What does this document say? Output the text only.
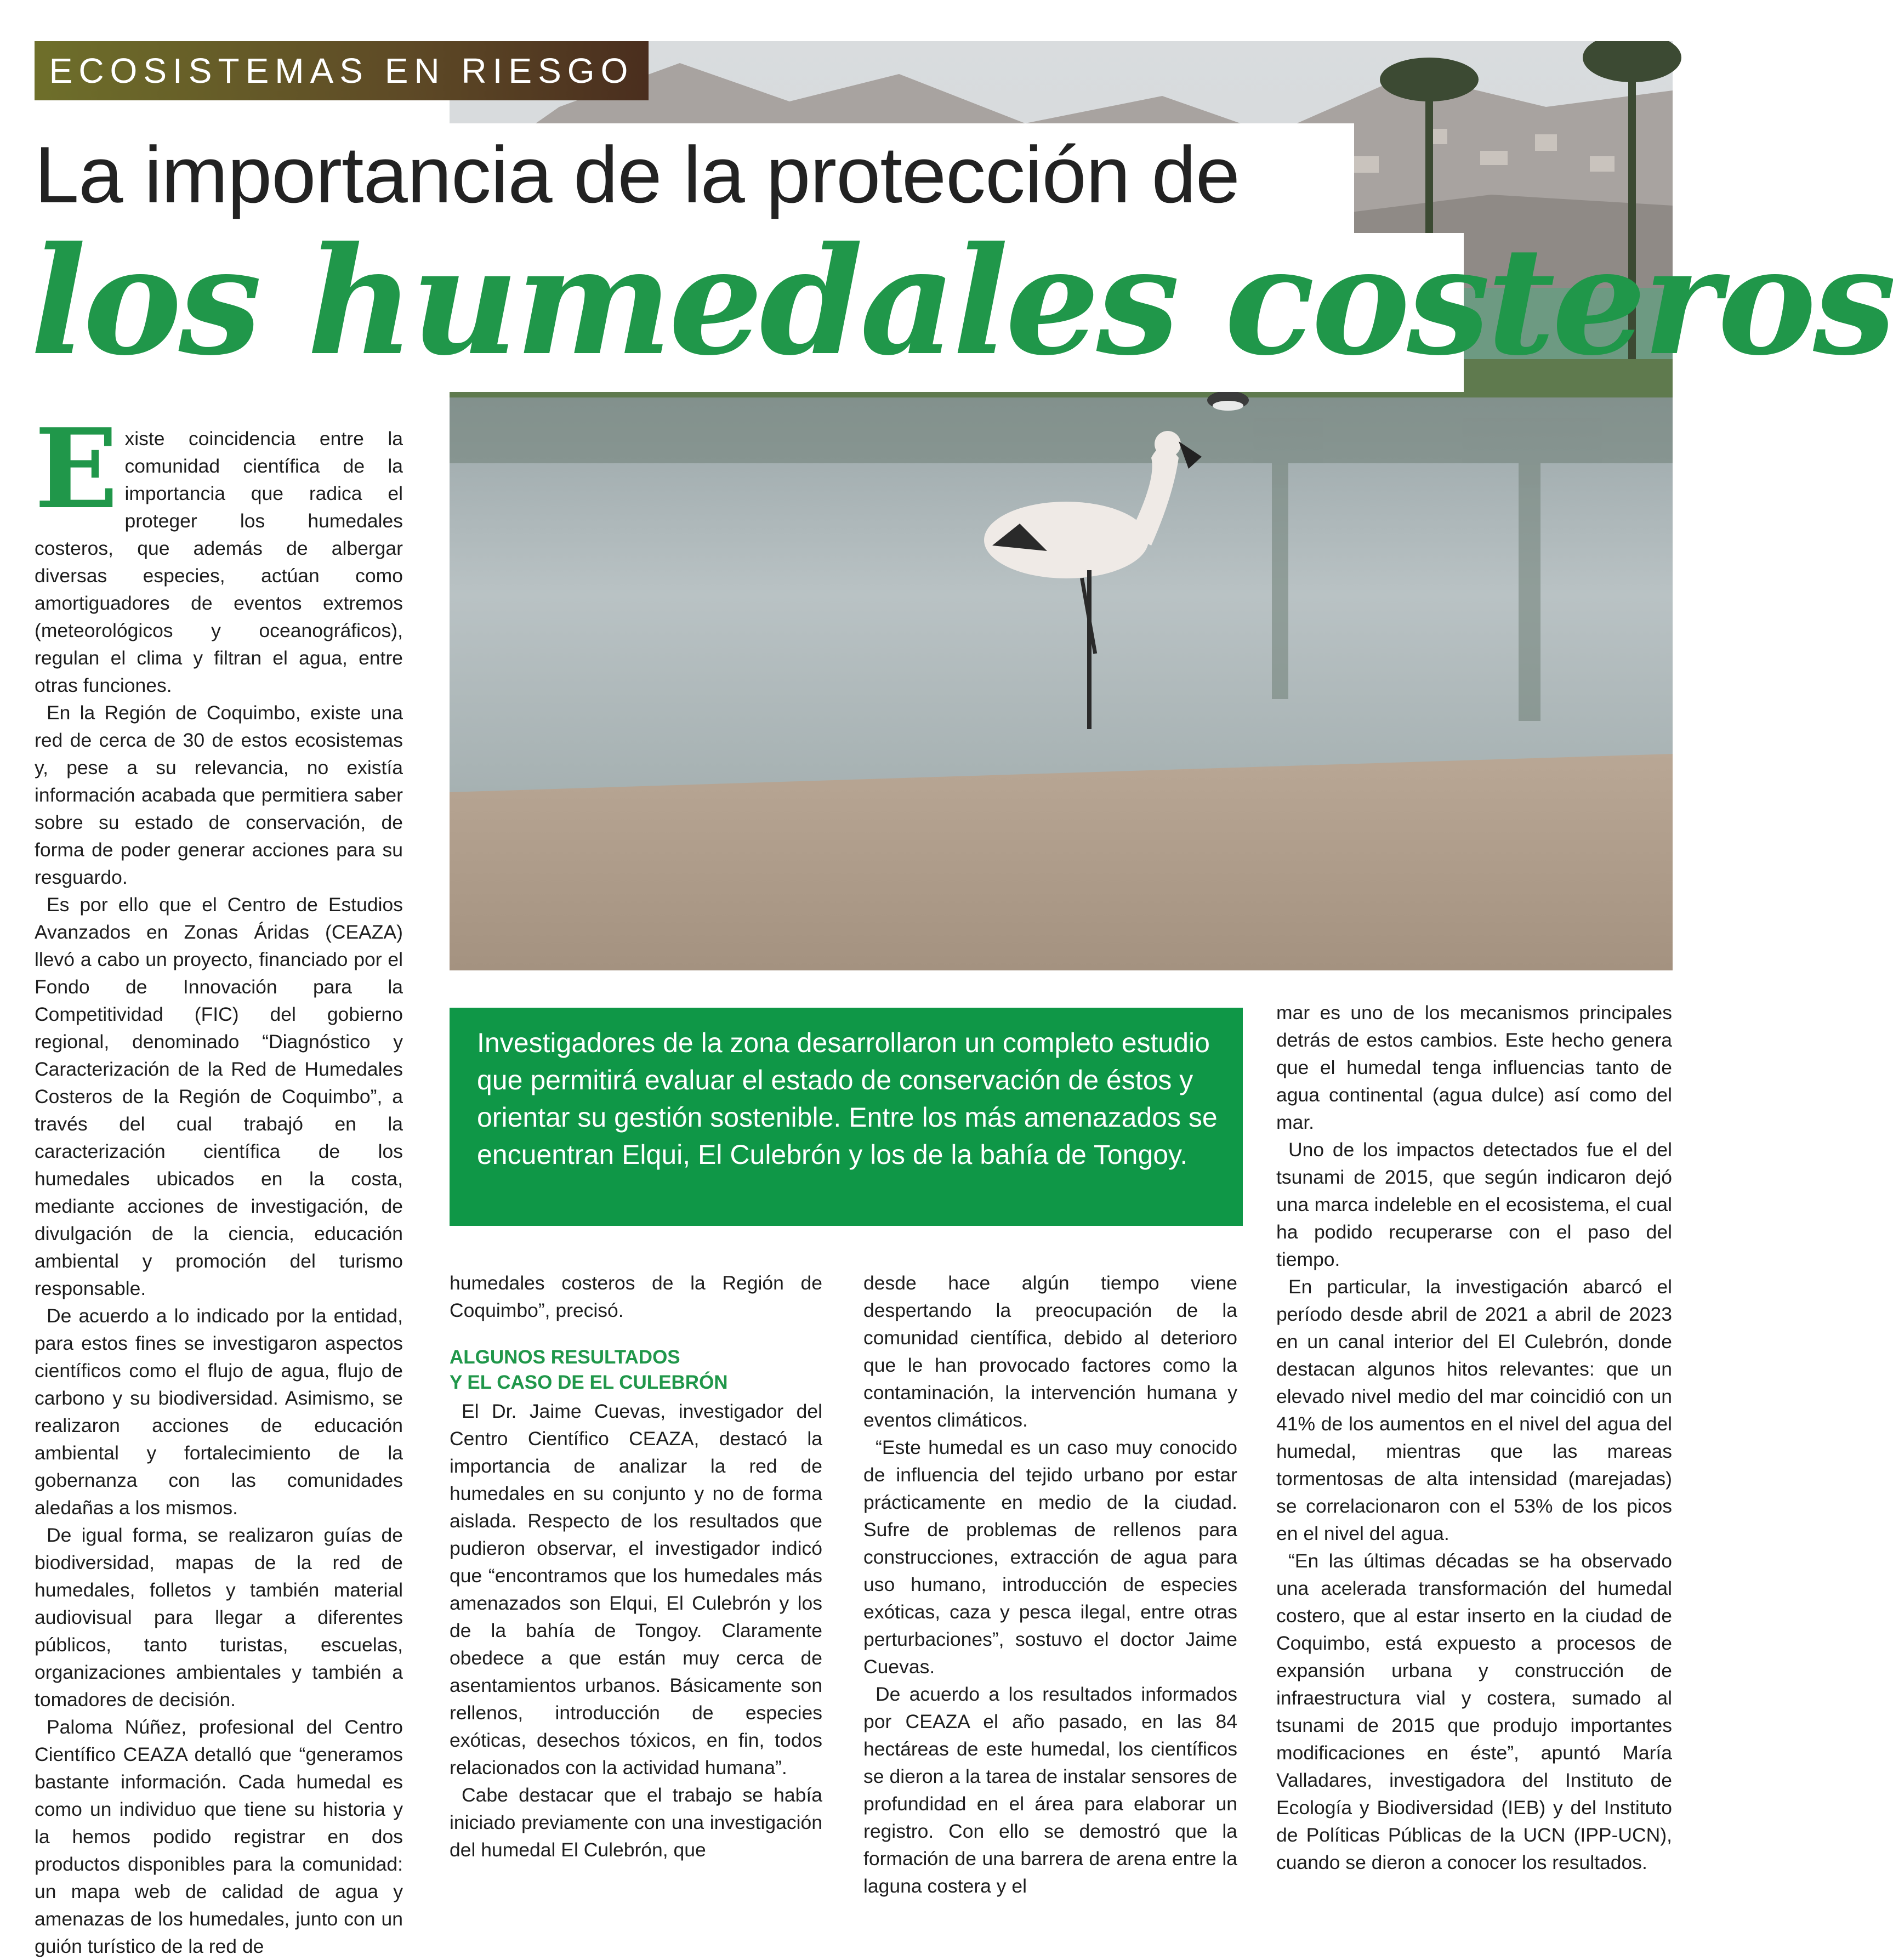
ECOSISTEMAS EN RIESGO
La importancia de la protección de
los humedales costeros
E xiste coincidencia entre la comunidad científica de la importancia que radica el proteger los humedales costeros, que además de albergar diversas especies, actúan como amortiguadores de eventos extremos (meteorológicos y oceanográficos), regulan el clima y filtran el agua, entre otras funciones.

En la Región de Coquimbo, existe una red de cerca de 30 de estos ecosistemas y, pese a su relevancia, no existía información acabada que permitiera saber sobre su estado de conservación, de forma de poder generar acciones para su resguardo.

Es por ello que el Centro de Estudios Avanzados en Zonas Áridas (CEAZA) llevó a cabo un proyecto, financiado por el Fondo de Innovación para la Competitividad (FIC) del gobierno regional, denominado “Diagnóstico y Caracterización de la Red de Humedales Costeros de la Región de Coquimbo”, a través del cual trabajó en la caracterización científica de los humedales ubicados en la costa, mediante acciones de investigación, de divulgación de la ciencia, educación ambiental y promoción del turismo responsable.

De acuerdo a lo indicado por la entidad, para estos fines se investigaron aspectos científicos como el flujo de agua, flujo de carbono y su biodiversidad. Asimismo, se realizaron acciones de educación ambiental y fortalecimiento de la gobernanza con las comunidades aledañas a los mismos.

De igual forma, se realizaron guías de biodiversidad, mapas de la red de humedales, folletos y también material audiovisual para llegar a diferentes públicos, tanto turistas, escuelas, organizaciones ambientales y también a tomadores de decisión.

Paloma Núñez, profesional del Centro Científico CEAZA detalló que “generamos bastante información. Cada humedal es como un individuo que tiene su historia y la hemos podido registrar en dos productos disponibles para la comunidad: un mapa web de calidad de agua y amenazas de los humedales, junto con un guión turístico de la red de

Investigadores de la zona desarrollaron un completo estudio que permitirá evaluar el estado de conservación de éstos y orientar su gestión sostenible. Entre los más amenazados se encuentran Elqui, El Culebrón y los de la bahía de Tongoy.

humedales costeros de la Región de Coquimbo”, precisó.

ALGUNOS RESULTADOS
Y EL CASO DE EL CULEBRÓN

El Dr. Jaime Cuevas, investigador del Centro Científico CEAZA, destacó la importancia de analizar la red de humedales en su conjunto y no de forma aislada. Respecto de los resultados que pudieron observar, el investigador indicó que “encontramos que los humedales más amenazados son Elqui, El Culebrón y los de la bahía de Tongoy. Claramente obedece a que están muy cerca de asentamientos urbanos. Básicamente son rellenos, introducción de especies exóticas, desechos tóxicos, en fin, todos relacionados con la actividad humana”.

Cabe destacar que el trabajo se había iniciado previamente con una investigación del humedal El Culebrón, que

desde hace algún tiempo viene despertando la preocupación de la comunidad científica, debido al deterioro que le han provocado factores como la contaminación, la intervención humana y eventos climáticos.

“Este humedal es un caso muy conocido de influencia del tejido urbano por estar prácticamente en medio de la ciudad. Sufre de problemas de rellenos para construcciones, extracción de agua para uso humano, introducción de especies exóticas, caza y pesca ilegal, entre otras perturbaciones”, sostuvo el doctor Jaime Cuevas.

De acuerdo a los resultados informados por CEAZA el año pasado, en las 84 hectáreas de este humedal, los científicos se dieron a la tarea de instalar sensores de profundidad en el área para elaborar un registro. Con ello se demostró que la formación de una barrera de arena entre la laguna costera y el

mar es uno de los mecanismos principales detrás de estos cambios. Este hecho genera que el humedal tenga influencias tanto de agua continental (agua dulce) así como del mar.

Uno de los impactos detectados fue el del tsunami de 2015, que según indicaron dejó una marca indeleble en el ecosistema, el cual ha podido recuperarse con el paso del tiempo.

En particular, la investigación abarcó el período desde abril de 2021 a abril de 2023 en un canal interior del El Culebrón, donde destacan algunos hitos relevantes: que un elevado nivel medio del mar coincidió con un 41% de los aumentos en el nivel del agua del humedal, mientras que las mareas tormentosas de alta intensidad (marejadas) se correlacionaron con el 53% de los picos en el nivel del agua.

“En las últimas décadas se ha observado una acelerada transformación del humedal costero, que al estar inserto en la ciudad de Coquimbo, está expuesto a procesos de expansión urbana y construcción de infraestructura vial y costera, sumado al tsunami de 2015 que produjo importantes modificaciones en éste”, apuntó María Valladares, investigadora del Instituto de Ecología y Biodiversidad (IEB) y del Instituto de Políticas Públicas de la UCN (IPP-UCN), cuando se dieron a conocer los resultados.
